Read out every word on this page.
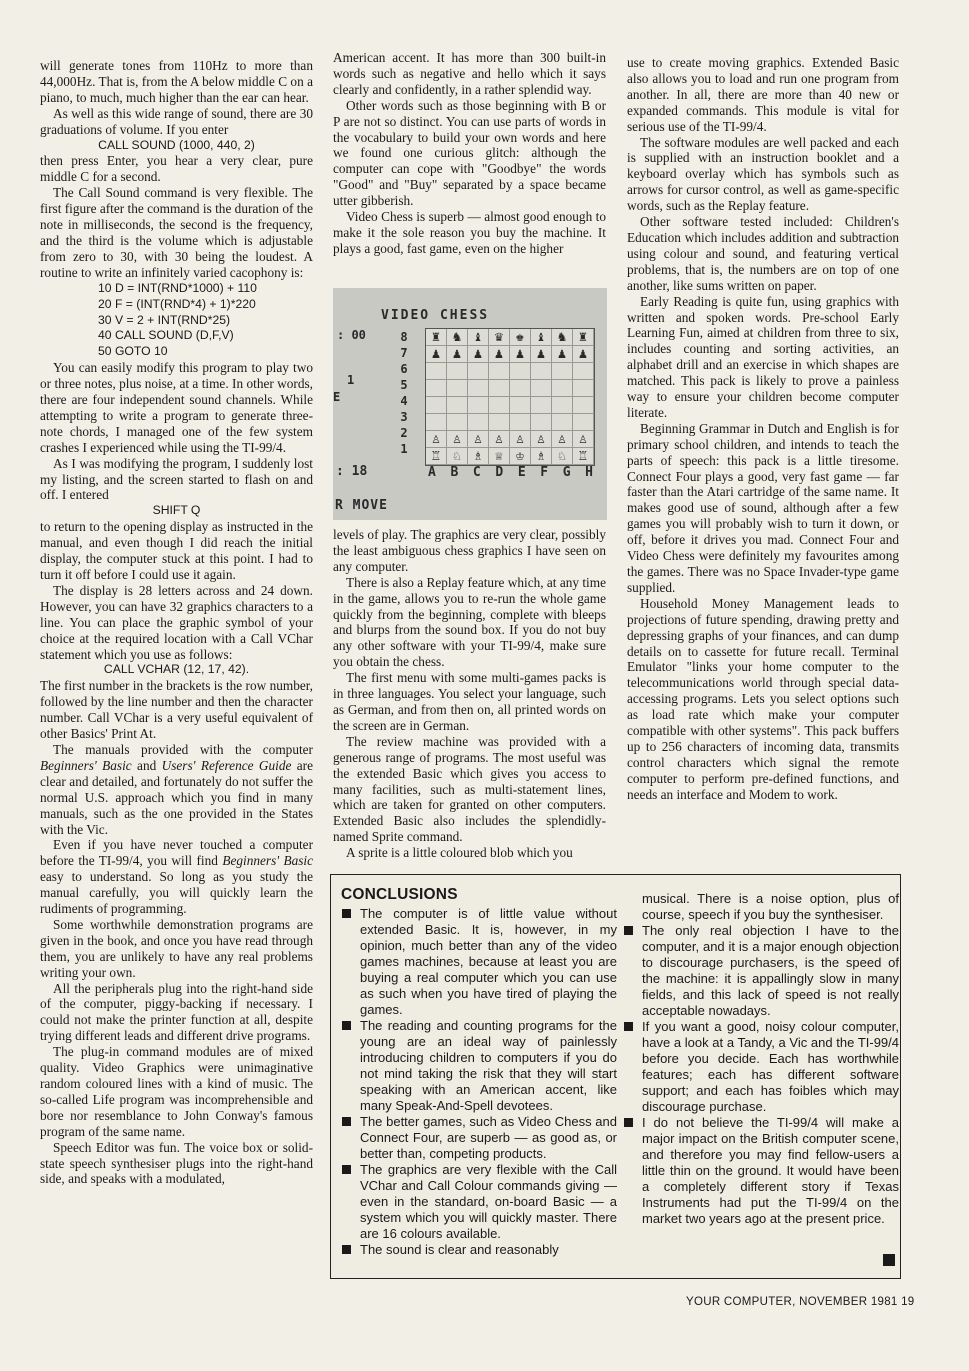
will generate tones from 110Hz to more than 44,000Hz. That is, from the A below middle C on a piano, to much, much higher than the ear can hear.

As well as this wide range of sound, there are 30 graduations of volume. If you enter

CALL SOUND (1000, 440, 2)

then press Enter, you hear a very clear, pure middle C for a second.

The Call Sound command is very flexible. The first figure after the command is the duration of the note in milliseconds, the second is the frequency, and the third is the volume which is adjustable from zero to 30, with 30 being the loudest. A routine to write an infinitely varied cacophony is:

10 D = INT(RND*1000) + 110
20 F = (INT(RND*4) + 1)*220
30 V = 2 + INT(RND*25)
40 CALL SOUND (D,F,V)
50 GOTO 10

You can easily modify this program to play two or three notes, plus noise, at a time. In other words, there are four independent sound channels. While attempting to write a program to generate three-note chords, I managed one of the few system crashes I experienced while using the TI-99/4.

As I was modifying the program, I suddenly lost my listing, and the screen started to flash on and off. I entered

SHIFT Q

to return to the opening display as instructed in the manual, and even though I did reach the initial display, the computer stuck at this point. I had to turn it off before I could use it again.

The display is 28 letters across and 24 down. However, you can have 32 graphics characters to a line. You can place the graphic symbol of your choice at the required location with a Call VChar statement which you use as follows:

CALL VCHAR (12, 17, 42).

The first number in the brackets is the row number, followed by the line number and then the character number. Call VChar is a very useful equivalent of other Basics' Print At.

The manuals provided with the computer Beginners' Basic and Users' Reference Guide are clear and detailed, and fortunately do not suffer the normal U.S. approach which you find in many manuals, such as the one provided in the States with the Vic.

Even if you have never touched a computer before the TI-99/4, you will find Beginners' Basic easy to understand. So long as you study the manual carefully, you will quickly learn the rudiments of programming.

Some worthwhile demonstration programs are given in the book, and once you have read through them, you are unlikely to have any real problems writing your own.

All the peripherals plug into the right-hand side of the computer, piggy-backing if necessary. I could not make the printer function at all, despite trying different leads and different drive programs.

The plug-in command modules are of mixed quality. Video Graphics were unimaginative random coloured lines with a kind of music. The so-called Life program was incomprehensible and bore nor resemblance to John Conway's famous program of the same name.

Speech Editor was fun. The voice box or solid-state speech synthesiser plugs into the right-hand side, and speaks with a modulated,

American accent. It has more than 300 built-in words such as negative and hello which it says clearly and confidently, in a rather splendid way.

Other words such as those beginning with B or P are not so distinct. You can use parts of words in the vocabulary to build your own words and here we found one curious glitch: although the computer can cope with "Goodbye" the words "Good" and "Buy" separated by a space became utter gibberish.

Video Chess is superb — almost good enough to make it the sole reason you buy the machine. It plays a good, fast game, even on the higher

VIDEO CHESS
: 00
1
E
8
7
6
5
4
3
2
1
♜ ♞ ♝ ♛ ♚ ♝ ♞ ♜
♟ ♟ ♟ ♟ ♟ ♟ ♟ ♟
♙ ♙ ♙ ♙ ♙ ♙ ♙ ♙
♖ ♘ ♗ ♕ ♔ ♗ ♘ ♖
A B C D E F G H
: 18
R MOVE

levels of play. The graphics are very clear, possibly the least ambiguous chess graphics I have seen on any computer.

There is also a Replay feature which, at any time in the game, allows you to re-run the whole game quickly from the beginning, complete with bleeps and blurps from the sound box. If you do not buy any other software with your TI-99/4, make sure you obtain the chess.

The first menu with some multi-games packs is in three languages. You select your language, such as German, and from then on, all printed words on the screen are in German.

The review machine was provided with a generous range of programs. The most useful was the extended Basic which gives you access to many facilities, such as multi-statement lines, which are taken for granted on other computers. Extended Basic also includes the splendidly-named Sprite command.

A sprite is a little coloured blob which you

use to create moving graphics. Extended Basic also allows you to load and run one program from another. In all, there are more than 40 new or expanded commands. This module is vital for serious use of the TI-99/4.

The software modules are well packed and each is supplied with an instruction booklet and a keyboard overlay which has symbols such as arrows for cursor control, as well as game-specific words, such as the Replay feature.

Other software tested included: Children's Education which includes addition and subtraction using colour and sound, and featuring vertical problems, that is, the numbers are on top of one another, like sums written on paper.

Early Reading is quite fun, using graphics with written and spoken words. Pre-school Early Learning Fun, aimed at children from three to six, includes counting and sorting activities, an alphabet drill and an exercise in which shapes are matched. This pack is likely to prove a painless way to ensure your children become computer literate.

Beginning Grammar in Dutch and English is for primary school children, and intends to teach the parts of speech: this pack is a little tiresome. Connect Four plays a good, very fast game — far faster than the Atari cartridge of the same name. It makes good use of sound, although after a few games you will probably wish to turn it down, or off, before it drives you mad. Connect Four and Video Chess were definitely my favourites among the games. There was no Space Invader-type game supplied.

Household Money Management leads to projections of future spending, drawing pretty and depressing graphs of your finances, and can dump details on to cassette for future recall. Terminal Emulator "links your home computer to the telecommunications world through special data-accessing programs. Lets you select options such as load rate which make your computer compatible with other systems". This pack buffers up to 256 characters of incoming data, transmits control characters which signal the remote computer to perform pre-defined functions, and needs an interface and Modem to work.

CONCLUSIONS
The computer is of little value without extended Basic. It is, however, in my opinion, much better than any of the video games machines, because at least you are buying a real computer which you can use as such when you have tired of playing the games.
The reading and counting programs for the young are an ideal way of painlessly introducing children to computers if you do not mind taking the risk that they will start speaking with an American accent, like many Speak-And-Spell devotees.
The better games, such as Video Chess and Connect Four, are superb — as good as, or better than, competing products.
The graphics are very flexible with the Call VChar and Call Colour commands giving — even in the standard, on-board Basic — a system which you will quickly master. There are 16 colours available.
The sound is clear and reasonably
musical. There is a noise option, plus of course, speech if you buy the synthesiser.
The only real objection I have to the computer, and it is a major enough objection to discourage purchasers, is the speed of the machine: it is appallingly slow in many fields, and this lack of speed is not really acceptable nowadays.
If you want a good, noisy colour computer, have a look at a Tandy, a Vic and the TI-99/4 before you decide. Each has worthwhile features; each has different software support; and each has foibles which may discourage purchase.
I do not believe the TI-99/4 will make a major impact on the British computer scene, and therefore you may find fellow-users a little thin on the ground. It would have been a completely different story if Texas Instruments had put the TI-99/4 on the market two years ago at the present price.
YOUR COMPUTER, NOVEMBER 1981 19
